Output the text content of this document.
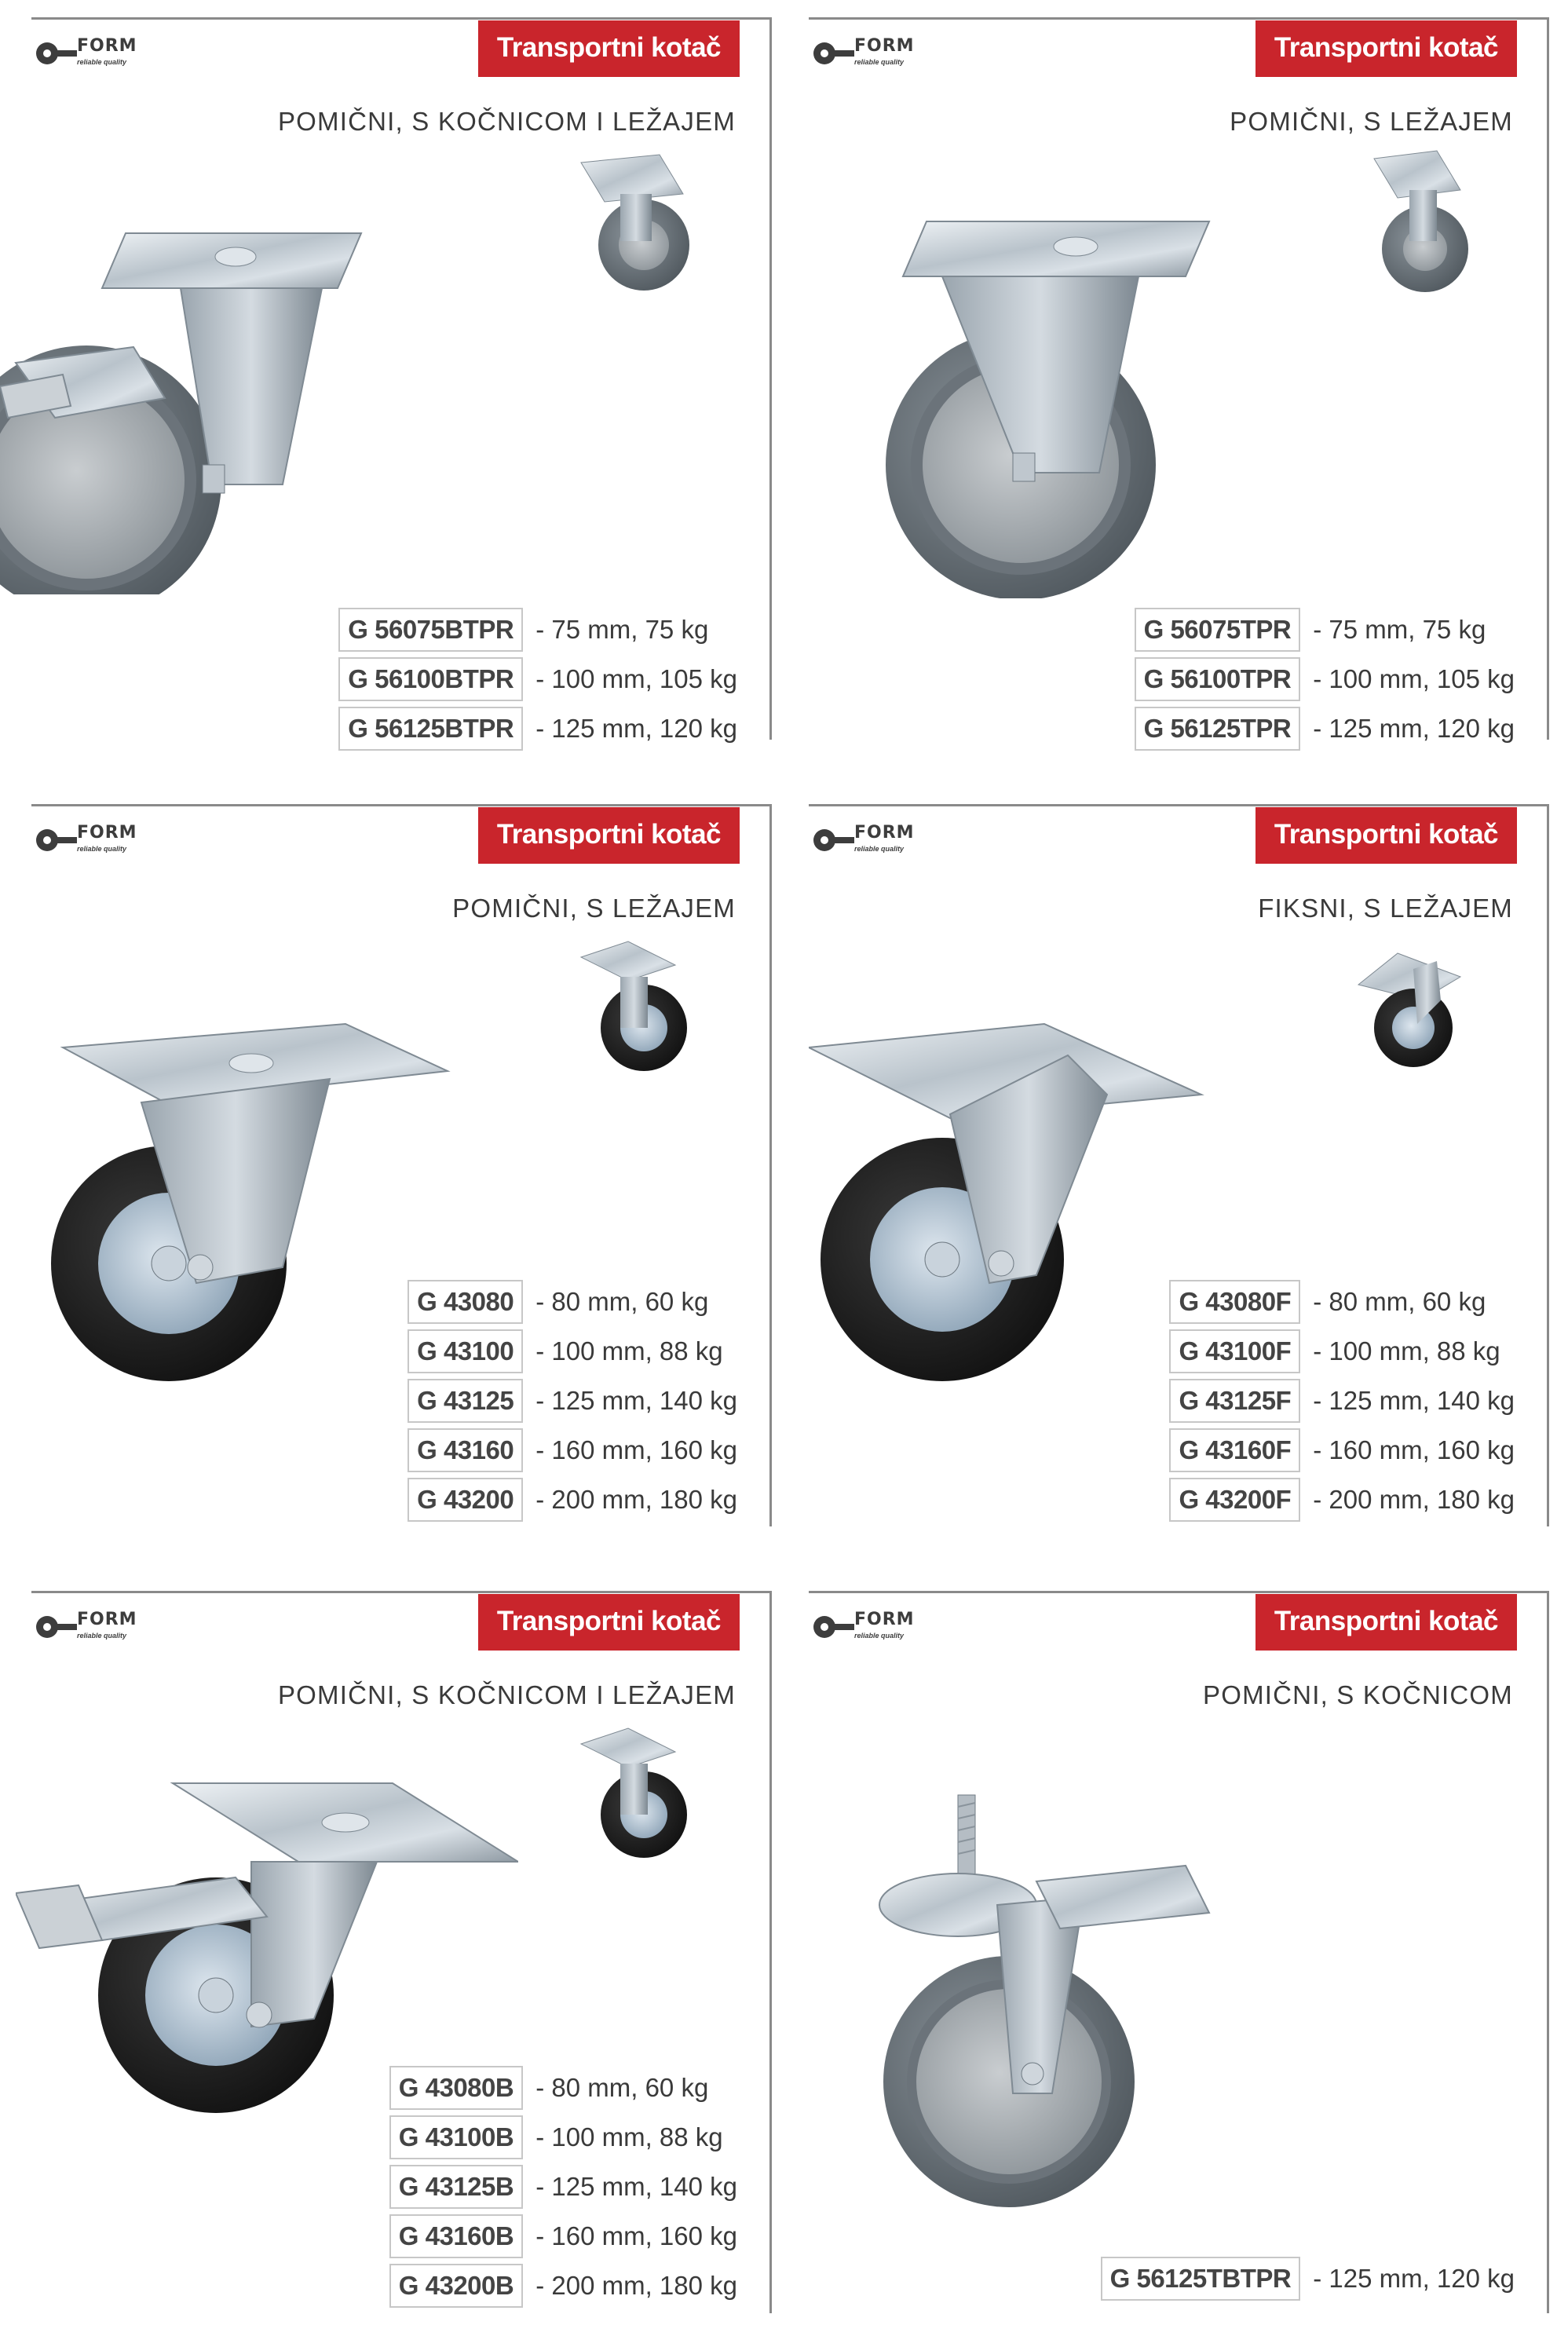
FORM
reliable quality	Transportni kotač
POMIČNI, S KOČNICOM I LEŽAJEM
G 56075BTPR - 75 mm, 75 kg
G 56100BTPR - 100 mm, 105 kg
G 56125BTPR - 125 mm, 120 kg
FORM
reliable quality	Transportni kotač
POMIČNI, S LEŽAJEM
G 56075TPR - 75 mm, 75 kg
G 56100TPR - 100 mm, 105 kg
G 56125TPR - 125 mm, 120 kg
FORM
reliable quality	Transportni kotač
POMIČNI, S LEŽAJEM
G 43080 - 80 mm, 60 kg
G 43100 - 100 mm, 88 kg
G 43125 - 125 mm, 140 kg
G 43160 - 160 mm, 160 kg
G 43200 - 200 mm, 180 kg
FORM
reliable quality	Transportni kotač
FIKSNI, S LEŽAJEM
G 43080F - 80 mm, 60 kg
G 43100F - 100 mm, 88 kg
G 43125F - 125 mm, 140 kg
G 43160F - 160 mm, 160 kg
G 43200F - 200 mm, 180 kg
FORM
reliable quality	Transportni kotač
POMIČNI, S KOČNICOM I LEŽAJEM
G 43080B - 80 mm, 60 kg
G 43100B - 100 mm, 88 kg
G 43125B - 125 mm, 140 kg
G 43160B - 160 mm, 160 kg
G 43200B - 200 mm, 180 kg
FORM
reliable quality	Transportni kotač
POMIČNI, S KOČNICOM
G 56125TBTPR - 125 mm, 120 kg
